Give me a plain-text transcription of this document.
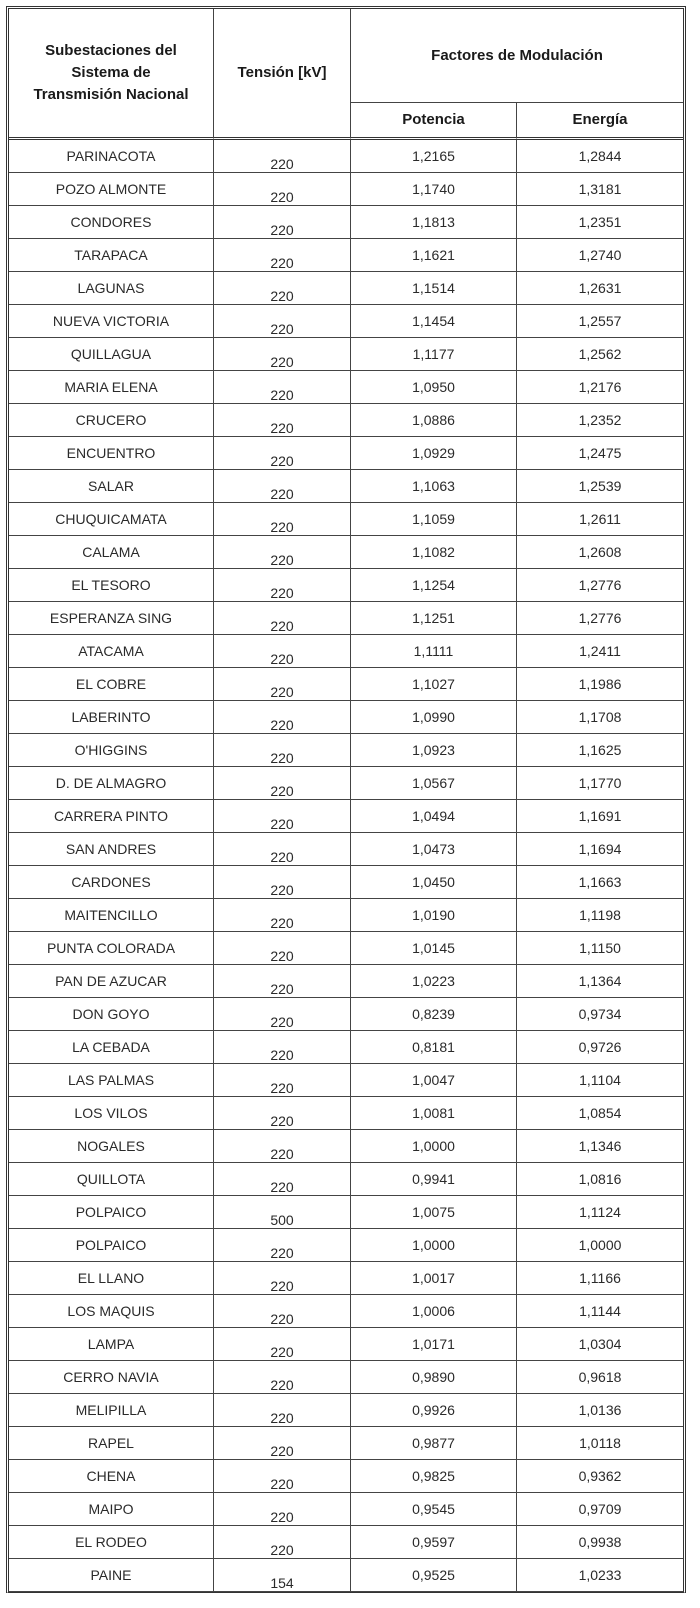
Subestaciones del Sistema de Transmisión Nacional	Tensión [kV]	Factores de Modulación	
		Potencia	Energía
PARINACOTA	220	1,2165	1,2844
POZO ALMONTE	220	1,1740	1,3181
CONDORES	220	1,1813	1,2351
TARAPACA	220	1,1621	1,2740
LAGUNAS	220	1,1514	1,2631
NUEVA VICTORIA	220	1,1454	1,2557
QUILLAGUA	220	1,1177	1,2562
MARIA ELENA	220	1,0950	1,2176
CRUCERO	220	1,0886	1,2352
ENCUENTRO	220	1,0929	1,2475
SALAR	220	1,1063	1,2539
CHUQUICAMATA	220	1,1059	1,2611
CALAMA	220	1,1082	1,2608
EL TESORO	220	1,1254	1,2776
ESPERANZA SING	220	1,1251	1,2776
ATACAMA	220	1,1111	1,2411
EL COBRE	220	1,1027	1,1986
LABERINTO	220	1,0990	1,1708
O'HIGGINS	220	1,0923	1,1625
D. DE ALMAGRO	220	1,0567	1,1770
CARRERA PINTO	220	1,0494	1,1691
SAN ANDRES	220	1,0473	1,1694
CARDONES	220	1,0450	1,1663
MAITENCILLO	220	1,0190	1,1198
PUNTA COLORADA	220	1,0145	1,1150
PAN DE AZUCAR	220	1,0223	1,1364
DON GOYO	220	0,8239	0,9734
LA CEBADA	220	0,8181	0,9726
LAS PALMAS	220	1,0047	1,1104
LOS VILOS	220	1,0081	1,0854
NOGALES	220	1,0000	1,1346
QUILLOTA	220	0,9941	1,0816
POLPAICO	500	1,0075	1,1124
POLPAICO	220	1,0000	1,0000
EL LLANO	220	1,0017	1,1166
LOS MAQUIS	220	1,0006	1,1144
LAMPA	220	1,0171	1,0304
CERRO NAVIA	220	0,9890	0,9618
MELIPILLA	220	0,9926	1,0136
RAPEL	220	0,9877	1,0118
CHENA	220	0,9825	0,9362
MAIPO	220	0,9545	0,9709
EL RODEO	220	0,9597	0,9938
PAINE	154	0,9525	1,0233
